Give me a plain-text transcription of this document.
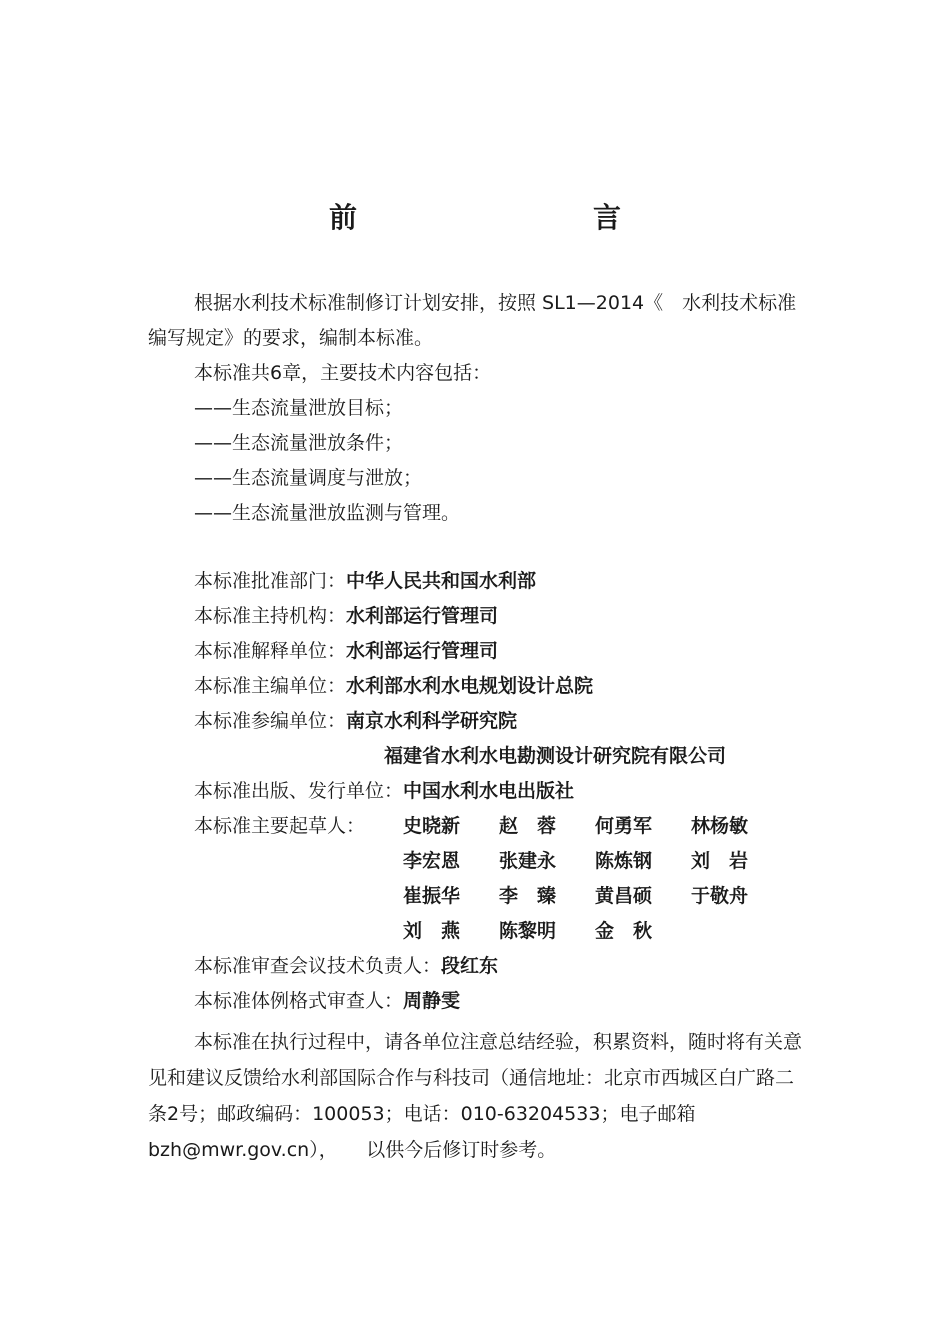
前　　言
根据水利技术标准制修订计划安排，按照 SL1—2014《　水利技术标准编写规定》的要求，编制本标准。
本标准共6章，主要技术内容包括：
——生态流量泄放目标；
——生态流量泄放条件；
——生态流量调度与泄放；
——生态流量泄放监测与管理。
本标准批准部门：中华人民共和国水利部
本标准主持机构：水利部运行管理司
本标准解释单位：水利部运行管理司
本标准主编单位：水利部水利水电规划设计总院
本标准参编单位：南京水利科学研究院
福建省水利水电勘测设计研究院有限公司
本标准出版、发行单位：中国水利水电出版社
本标准主要起草人： 史晓新 赵　蓉 何勇军 林杨敏
李宏恩 张建永 陈炼钢 刘　岩
崔振华 李　臻 黄昌硕 于敬舟
刘　燕 陈黎明 金　秋
本标准审查会议技术负责人：段红东
本标准体例格式审查人：周静雯
本标准在执行过程中，请各单位注意总结经验，积累资料，随时将有关意见和建议反馈给水利部国际合作与科技司（通信地址：北京市西城区白广路二条2号；邮政编码：100053；电话：010-63204533；电子邮箱 bzh@mwr.gov.cn），　　以供今后修订时参考。
